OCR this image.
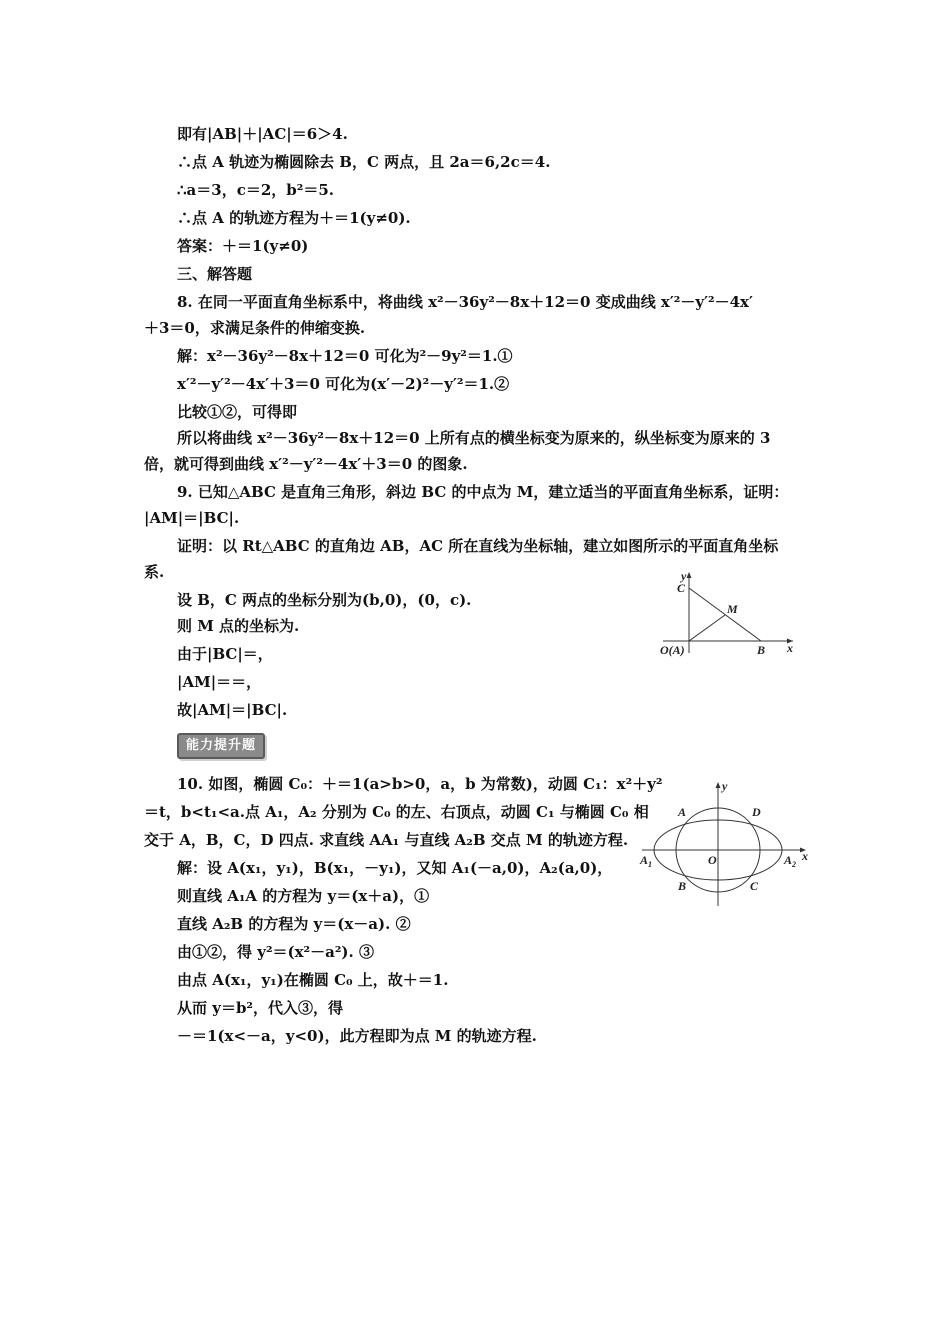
即有|AB|＋|AC|＝6＞4.
∴点 A 轨迹为椭圆除去 B，C 两点，且 2a＝6,2c＝4.
∴a＝3，c＝2，b²＝5.
∴点 A 的轨迹方程为＋＝1(y≠0).
答案：＋＝1(y≠0)
三、解答题
8. 在同一平面直角坐标系中，将曲线 x²－36y²－8x＋12＝0 变成曲线 x′²－y′²－4x′
＋3＝0，求满足条件的伸缩变换.
解：x²－36y²－8x＋12＝0 可化为²－9y²＝1.①
x′²－y′²－4x′＋3＝0 可化为(x′－2)²－y′²＝1.②
比较①②，可得即
所以将曲线 x²－36y²－8x＋12＝0 上所有点的横坐标变为原来的，纵坐标变为原来的 3
倍，就可得到曲线 x′²－y′²－4x′＋3＝0 的图象.
9. 已知△ABC 是直角三角形，斜边 BC 的中点为 M，建立适当的平面直角坐标系，证明：
|AM|＝|BC|.
证明：以 Rt△ABC 的直角边 AB，AC 所在直线为坐标轴，建立如图所示的平面直角坐标
系.
设 B，C 两点的坐标分别为(b,0)，(0，c).
则 M 点的坐标为.
由于|BC|＝，
|AM|＝＝，
故|AM|＝|BC|.
能力提升题
10. 如图，椭圆 C₀：＋＝1(a>b>0，a，b 为常数)，动圆 C₁：x²＋y²
＝t，b<t₁<a.点 A₁，A₂ 分别为 C₀ 的左、右顶点，动圆 C₁ 与椭圆 C₀ 相
交于 A，B，C，D 四点. 求直线 AA₁ 与直线 A₂B 交点 M 的轨迹方程.
解：设 A(x₁，y₁)，B(x₁，－y₁)，又知 A₁(－a,0)，A₂(a,0)，
则直线 A₁A 的方程为 y＝(x＋a)，①
直线 A₂B 的方程为 y＝(x－a). ②
由①②，得 y²＝(x²－a²). ③
由点 A(x₁，y₁)在椭圆 C₀ 上，故＋＝1.
从而 y＝b²，代入③，得
－＝1(x<－a，y<0)，此方程即为点 M 的轨迹方程.
y
C
M
O(A)	B x
y
A	D
O
$A_1$	$A_2$
B	C
x
